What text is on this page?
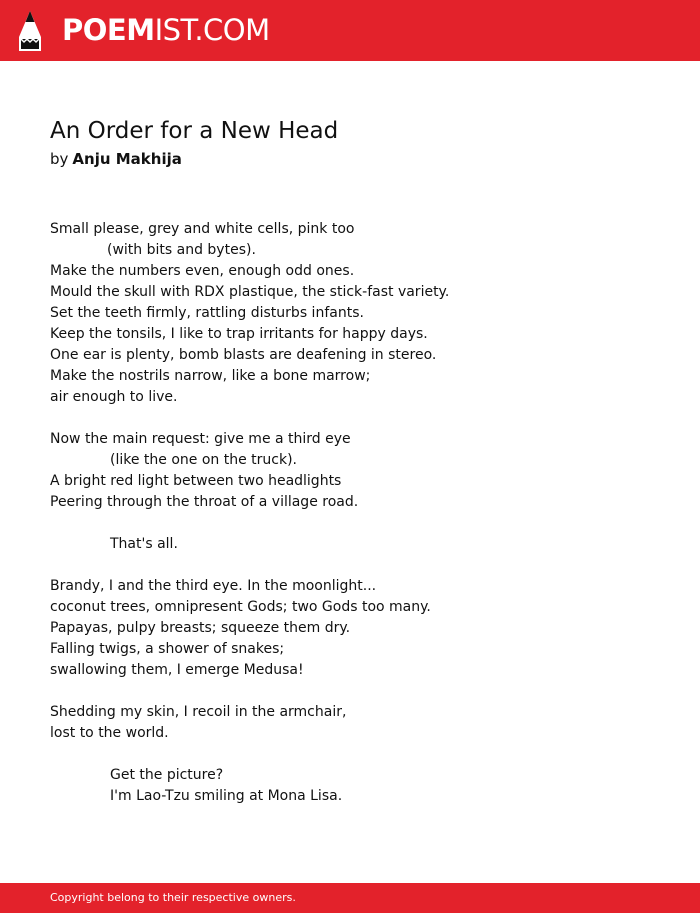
POEMIST.COM
An Order for a New Head
by Anju Makhija
Small please, grey and white cells, pink too
(with bits and bytes).
Make the numbers even, enough odd ones.
Mould the skull with RDX plastique, the stick-fast variety.
Set the teeth firmly, rattling disturbs infants.
Keep the tonsils, I like to trap irritants for happy days.
One ear is plenty, bomb blasts are deafening in stereo.
Make the nostrils narrow, like a bone marrow;
air enough to live.
Now the main request: give me a third eye
(like the one on the truck).
A bright red light between two headlights
Peering through the throat of a village road.
That's all.
Brandy, I and the third eye. In the moonlight...
coconut trees, omnipresent Gods; two Gods too many.
Papayas, pulpy breasts; squeeze them dry.
Falling twigs, a shower of snakes;
swallowing them, I emerge Medusa!
Shedding my skin, I recoil in the armchair,
lost to the world.
Get the picture?
I'm Lao-Tzu smiling at Mona Lisa.
Copyright belong to their respective owners.
